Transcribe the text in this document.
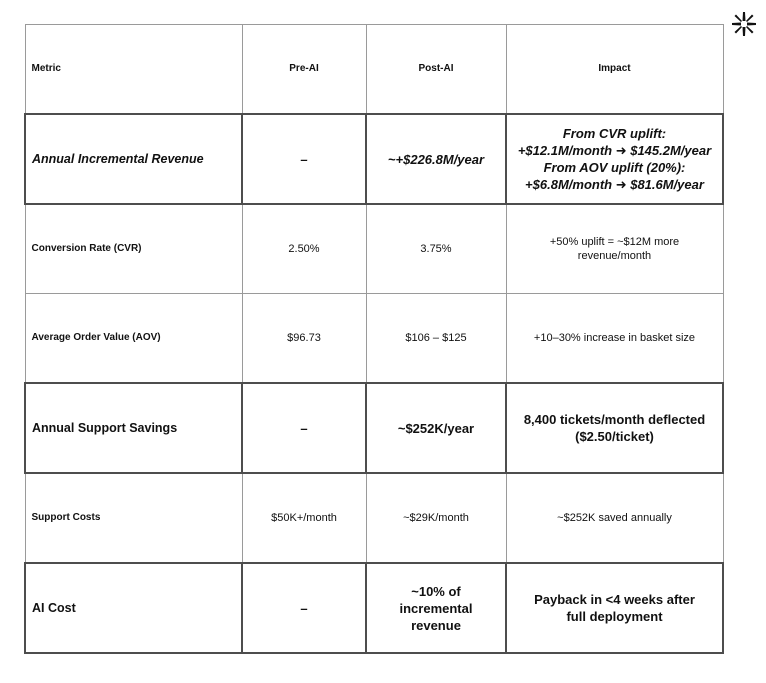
Metric	Pre-AI	Post-AI	Impact
Annual Incremental Revenue	–	~+$226.8M/year	From CVR uplift:
+$12.1M/month ➜ $145.2M/year
From AOV uplift (20%):
+$6.8M/month ➜ $81.6M/year
Conversion Rate (CVR)	2.50%	3.75%	+50% uplift = ~$12M more revenue/month
Average Order Value (AOV)	$96.73	$106 – $125	+10–30% increase in basket size
Annual Support Savings	–	~$252K/year	8,400 tickets/month deflected ($2.50/ticket)
Support Costs	$50K+/month	~$29K/month	~$252K saved annually
AI Cost	–	~10% of incremental revenue	Payback in <4 weeks after full deployment
